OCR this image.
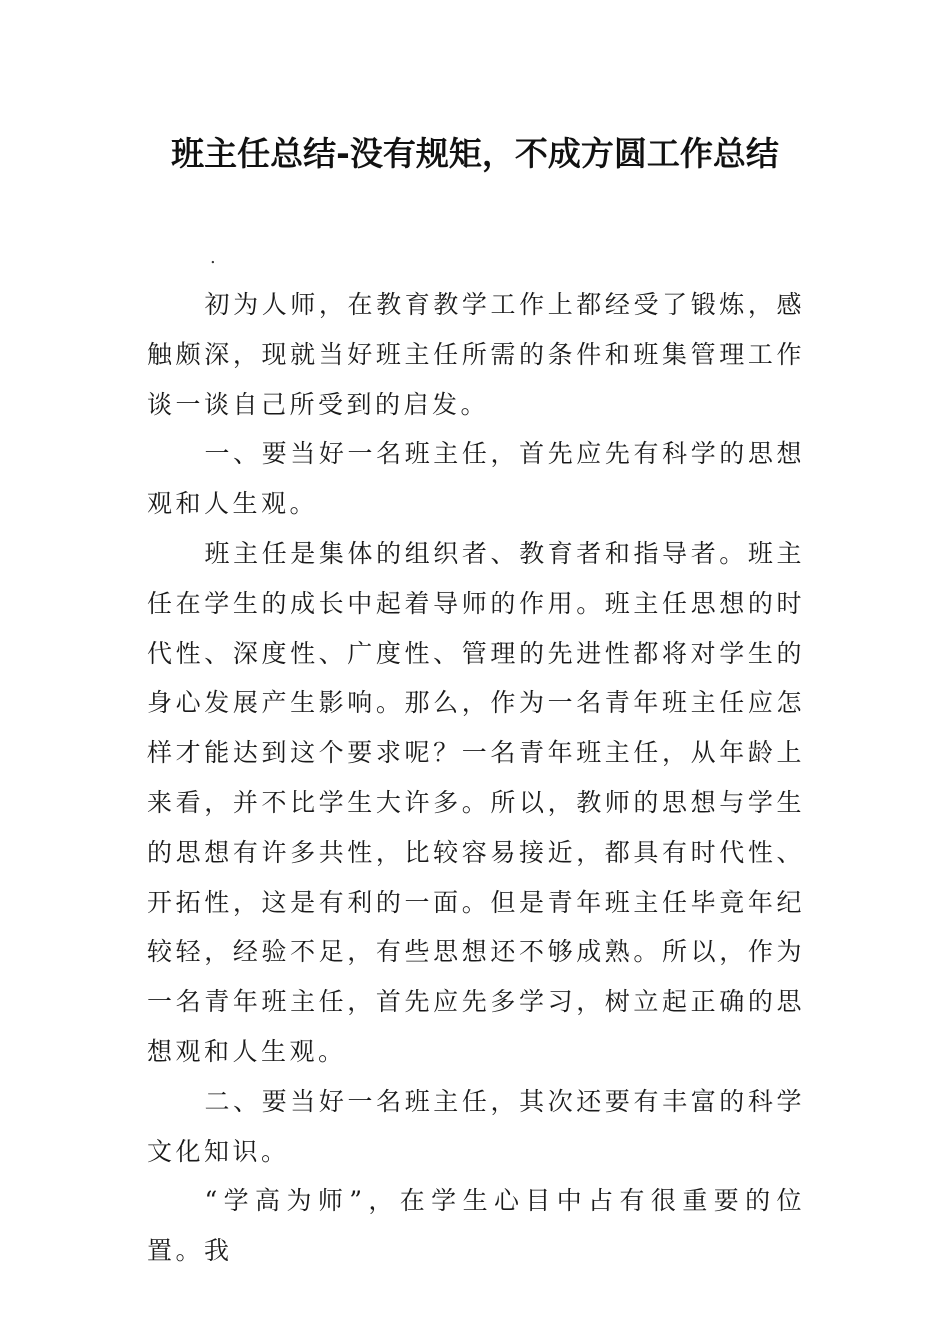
班主任总结-没有规矩，不成方圆工作总结
.

初为人师，在教育教学工作上都经受了锻炼，感触颇深，现就当好班主任所需的条件和班集管理工作谈一谈自己所受到的启发。

一、要当好一名班主任，首先应先有科学的思想观和人生观。

班主任是集体的组织者、教育者和指导者。班主任在学生的成长中起着导师的作用。班主任思想的时代性、深度性、广度性、管理的先进性都将对学生的身心发展产生影响。那么，作为一名青年班主任应怎样才能达到这个要求呢？一名青年班主任，从年龄上来看，并不比学生大许多。所以，教师的思想与学生的思想有许多共性，比较容易接近，都具有时代性、开拓性，这是有利的一面。但是青年班主任毕竟年纪较轻，经验不足，有些思想还不够成熟。所以，作为一名青年班主任，首先应先多学习，树立起正确的思想观和人生观。

二、要当好一名班主任，其次还要有丰富的科学文化知识。

“学高为师”，在学生心目中占有很重要的位置。我
